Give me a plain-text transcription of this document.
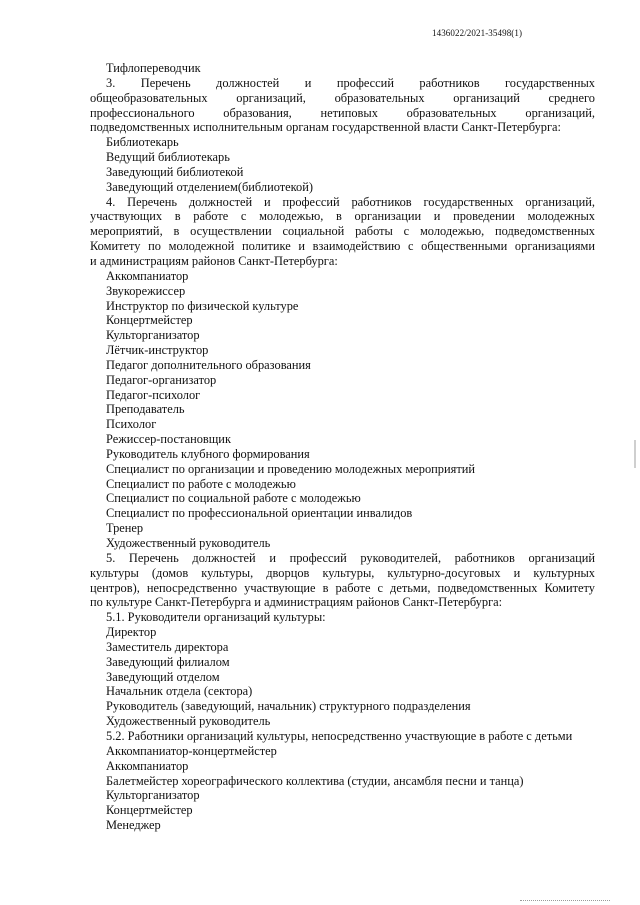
1436022/2021-35498(1)
Тифлопереводчик
3. Перечень должностей и профессий работников государственных
общеобразовательных организаций, образовательных организаций среднего
профессионального образования, нетиповых образовательных организаций,
подведомственных исполнительным органам государственной власти Санкт-Петербурга:
Библиотекарь
Ведущий библиотекарь
Заведующий библиотекой
Заведующий отделением(библиотекой)
4. Перечень должностей и профессий работников государственных организаций,
участвующих в работе с молодежью, в организации и проведении молодежных
мероприятий, в осуществлении социальной работы с молодежью, подведомственных
Комитету по молодежной политике и взаимодействию с общественными организациями
и администрациям районов Санкт-Петербурга:
Аккомпаниатор
Звукорежиссер
Инструктор по физической культуре
Концертмейстер
Культорганизатор
Лётчик-инструктор
Педагог дополнительного образования
Педагог-организатор
Педагог-психолог
Преподаватель
Психолог
Режиссер-постановщик
Руководитель клубного формирования
Специалист по организации и проведению молодежных мероприятий
Специалист по работе с молодежью
Специалист по социальной работе с молодежью
Специалист по профессиональной ориентации инвалидов
Тренер
Художественный руководитель
5. Перечень должностей и профессий руководителей, работников организаций
культуры (домов культуры, дворцов культуры, культурно-досуговых и культурных
центров), непосредственно участвующие в работе с детьми, подведомственных Комитету
по культуре Санкт-Петербурга и администрациям районов Санкт-Петербурга:
5.1. Руководители организаций культуры:
Директор
Заместитель директора
Заведующий филиалом
Заведующий отделом
Начальник отдела (сектора)
Руководитель (заведующий, начальник) структурного подразделения
Художественный руководитель
5.2. Работники организаций культуры, непосредственно участвующие в работе с детьми
Аккомпаниатор-концертмейстер
Аккомпаниатор
Балетмейстер хореографического коллектива (студии, ансамбля песни и танца)
Культорганизатор
Концертмейстер
Менеджер
